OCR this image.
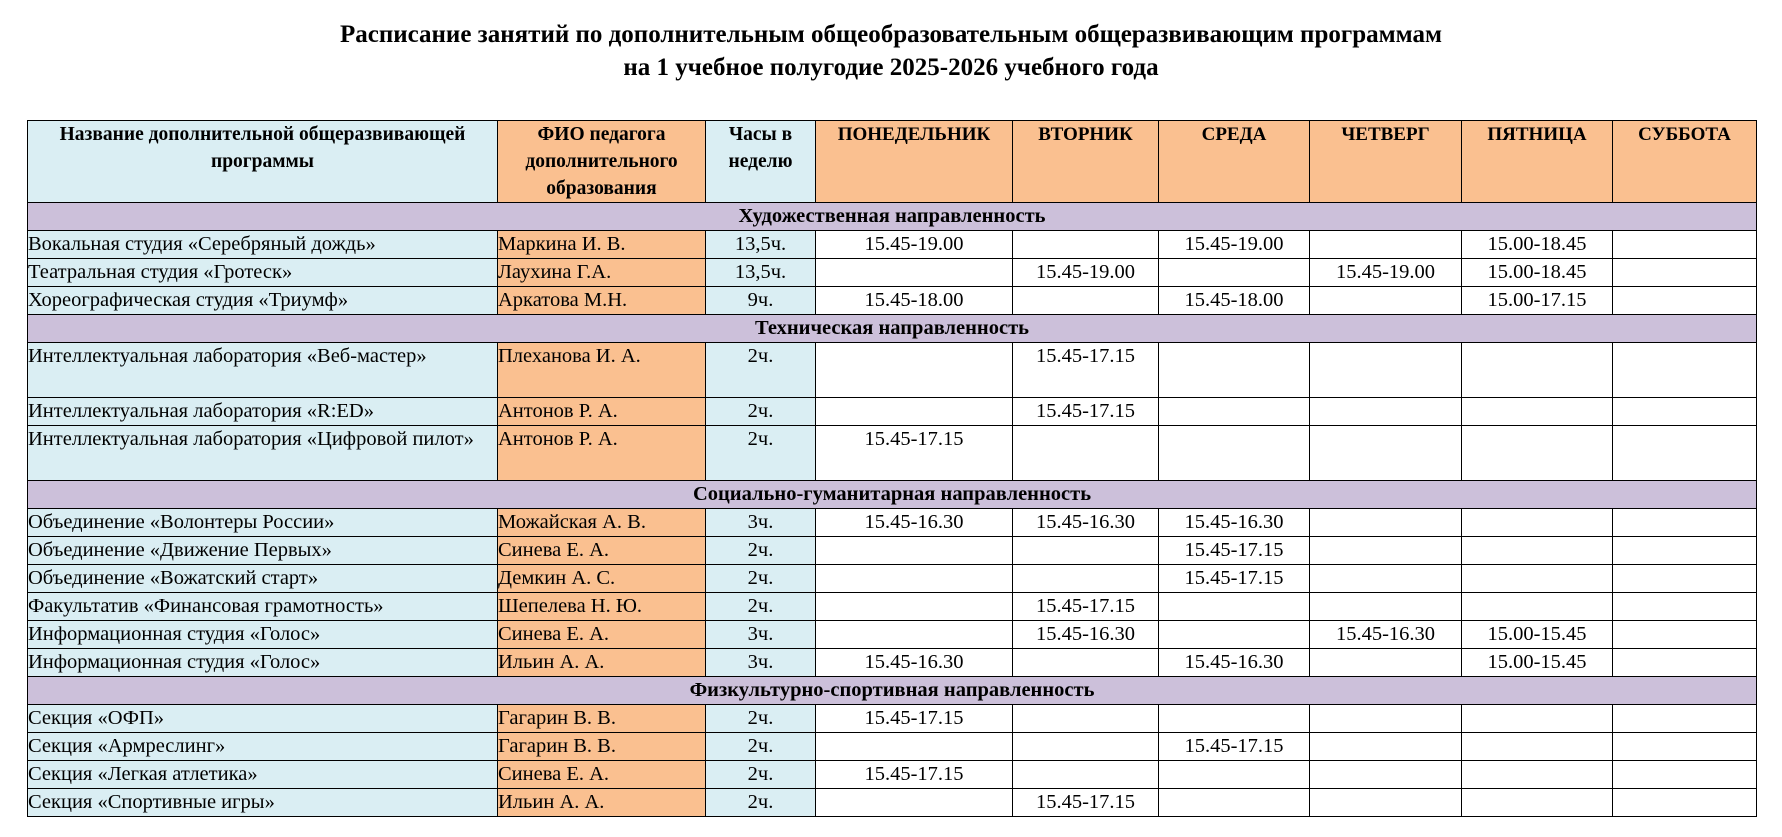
Расписание занятий по дополнительным общеобразовательным общеразвивающим программам
на 1 учебное полугодие 2025-2026 учебного года
Название дополнительной общеразвивающей программы	ФИО педагога дополнительного образования	Часы в неделю	ПОНЕДЕЛЬНИК	ВТОРНИК	СРЕДА	ЧЕТВЕРГ	ПЯТНИЦА	СУББОТА
Художественная направленность								
Вокальная студия «Серебряный дождь»	Маркина И. В.	13,5ч.	15.45-19.00		15.45-19.00		15.00-18.45	
Театральная студия «Гротеск»	Лаухина Г.А.	13,5ч.		15.45-19.00		15.45-19.00	15.00-18.45	
Хореографическая студия «Триумф»	Аркатова М.Н.	9ч.	15.45-18.00		15.45-18.00		15.00-17.15	
Техническая направленность								
Интеллектуальная лаборатория «Веб-мастер»	Плеханова И. А.	2ч.		15.45-17.15				
Интеллектуальная лаборатория «R:ED»	Антонов Р. А.	2ч.		15.45-17.15				
Интеллектуальная лаборатория «Цифровой пилот»	Антонов Р. А.	2ч.	15.45-17.15					
Социально-гуманитарная направленность								
Объединение «Волонтеры России»	Можайская А. В.	3ч.	15.45-16.30	15.45-16.30	15.45-16.30			
Объединение «Движение Первых»	Синева Е. А.	2ч.			15.45-17.15			
Объединение «Вожатский старт»	Демкин А. С.	2ч.			15.45-17.15			
Факультатив «Финансовая грамотность»	Шепелева Н. Ю.	2ч.		15.45-17.15				
Информационная студия «Голос»	Синева Е. А.	3ч.		15.45-16.30		15.45-16.30	15.00-15.45	
Информационная студия «Голос»	Ильин А. А.	3ч.	15.45-16.30		15.45-16.30		15.00-15.45	
Физкультурно-спортивная направленность								
Секция «ОФП»	Гагарин В. В.	2ч.	15.45-17.15					
Секция «Армреслинг»	Гагарин В. В.	2ч.			15.45-17.15			
Секция «Легкая атлетика»	Синева Е. А.	2ч.	15.45-17.15					
Секция «Спортивные игры»	Ильин А. А.	2ч.		15.45-17.15				
